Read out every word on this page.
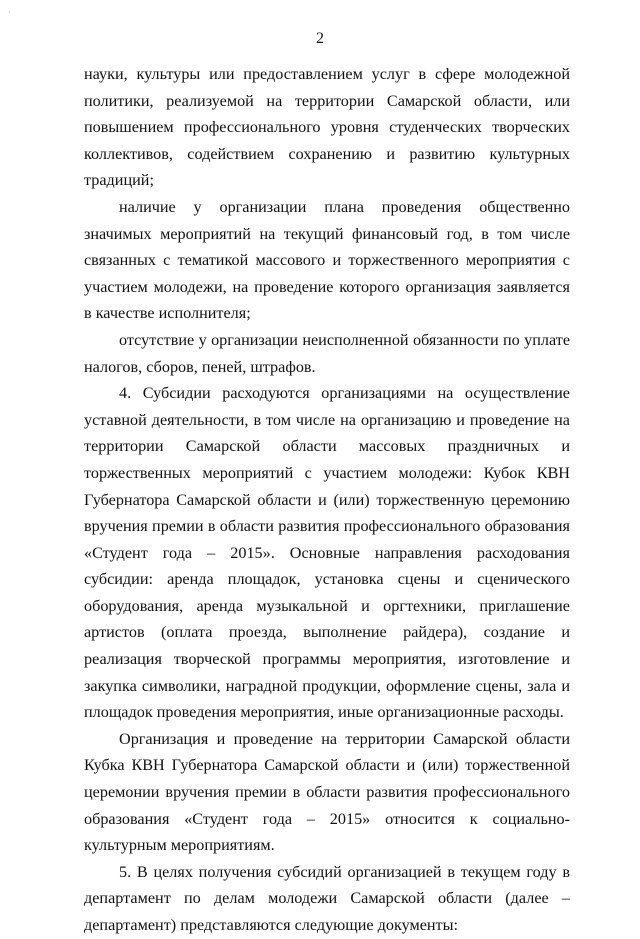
·
2

науки, культуры или предоставлением услуг в сфере молодежной политики, реализуемой на территории Самарской области, или повышением профессионального уровня студенческих творческих коллективов, содействием сохранению и развитию культурных традиций;

наличие у организации плана проведения общественно значимых мероприятий на текущий финансовый год, в том числе связанных с тематикой массового и торжественного мероприятия с участием молодежи, на проведение которого организация заявляется в качестве исполнителя;

отсутствие у организации неисполненной обязанности по уплате налогов, сборов, пеней, штрафов.

4. Субсидии расходуются организациями на осуществление уставной деятельности, в том числе на организацию и проведение на территории Самарской области массовых праздничных и торжественных мероприятий с участием молодежи: Кубок КВН Губернатора Самарской области и (или) торжественную церемонию вручения премии в области развития профессионального образования «Студент года – 2015». Основные направления расходования субсидии: аренда площадок, установка сцены и сценического оборудования, аренда музыкальной и оргтехники, приглашение артистов (оплата проезда, выполнение райдера), создание и реализация творческой программы мероприятия, изготовление и закупка символики, наградной продукции, оформление сцены, зала и площадок проведения мероприятия, иные организационные расходы.

Организация и проведение на территории Самарской области Кубка КВН Губернатора Самарской области и (или) торжественной церемонии вручения премии в области развития профессионального образования «Студент года – 2015» относится к социально-культурным мероприятиям.

5. В целях получения субсидий организацией в текущем году в департамент по делам молодежи Самарской области (далее – департамент) представляются следующие документы:
